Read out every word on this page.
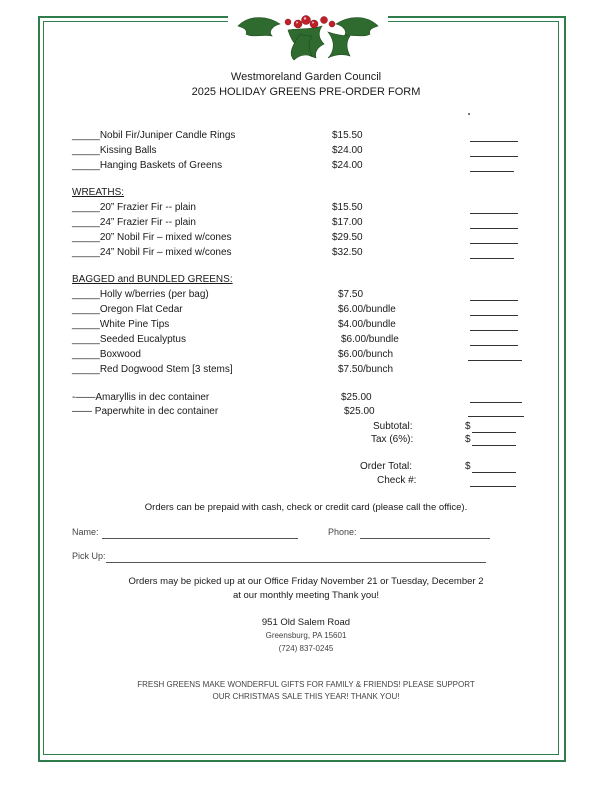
Westmoreland Garden Council
2025 HOLIDAY GREENS PRE-ORDER FORM
_____Nobil Fir/Juniper Candle Rings	$15.50
_____Kissing Balls	$24.00
_____Hanging Baskets of Greens	$24.00
WREATHS:
_____20” Frazier Fir -- plain	$15.50
_____24” Frazier Fir -- plain	$17.00
_____20” Nobil Fir – mixed w/cones	$29.50
_____24” Nobil Fir – mixed w/cones	$32.50
BAGGED and BUNDLED GREENS:
_____Holly w/berries (per bag)	$7.50
_____Oregon Flat Cedar	$6.00/bundle
_____White Pine Tips	$4.00/bundle
_____Seeded Eucalyptus	$6.00/bundle
_____Boxwood	$6.00/bunch
_____Red Dogwood Stem [3 stems]	$7.50/bunch
-——Amaryllis in dec container	$25.00
—— Paperwhite in dec container	$25.00
Subtotal:	$
Tax (6%):	$
Order Total:	$
Check #:
Orders can be prepaid with cash, check or credit card (please call the office).
Name:	Phone:
Pick Up:
Orders may be picked up at our Office Friday November 21 or Tuesday, December 2
at our monthly meeting Thank you!
951 Old Salem Road
Greensburg, PA 15601
(724) 837-0245
FRESH GREENS MAKE WONDERFUL GIFTS FOR FAMILY & FRIENDS! PLEASE SUPPORT
OUR CHRISTMAS SALE THIS YEAR! THANK YOU!
